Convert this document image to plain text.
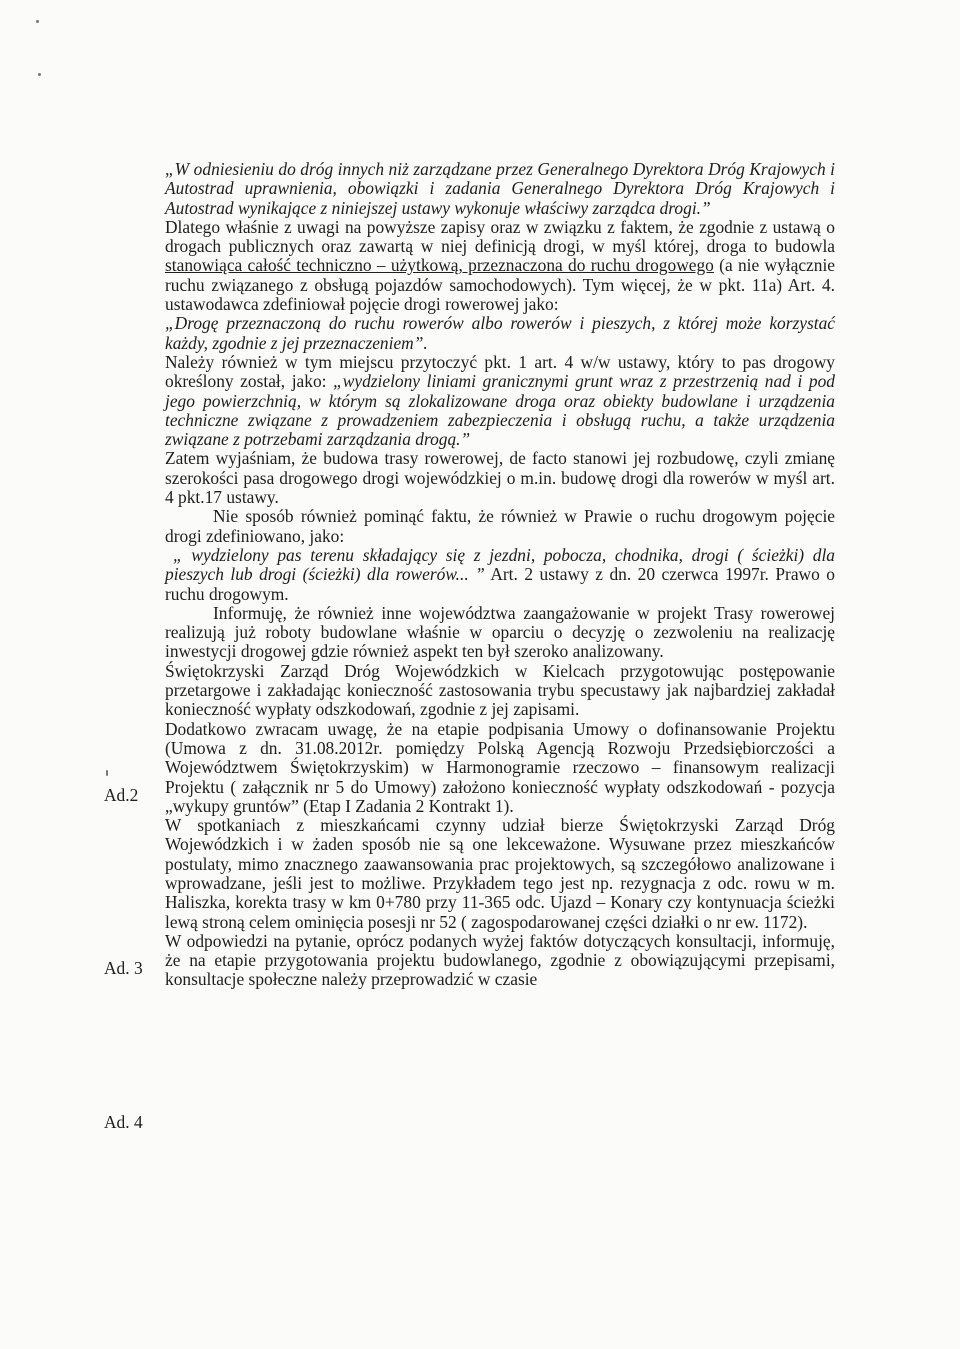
„W odniesieniu do dróg innych niż zarządzane przez Generalnego Dyrektora Dróg Krajowych i Autostrad uprawnienia, obowiązki i zadania Generalnego Dyrektora Dróg Krajowych i Autostrad wynikające z niniejszej ustawy wykonuje właściwy zarządca drogi.”

Dlatego właśnie z uwagi na powyższe zapisy oraz w związku z faktem, że zgodnie z ustawą o drogach publicznych oraz zawartą w niej definicją drogi, w myśl której, droga to budowla stanowiąca całość techniczno – użytkową, przeznaczona do ruchu drogowego (a nie wyłącznie ruchu związanego z obsługą pojazdów samochodowych). Tym więcej, że w pkt. 11a) Art. 4. ustawodawca zdefiniował pojęcie drogi rowerowej jako:

„Drogę przeznaczoną do ruchu rowerów albo rowerów i pieszych, z której może korzystać każdy, zgodnie z jej przeznaczeniem”.

Należy również w tym miejscu przytoczyć pkt. 1 art. 4 w/w ustawy, który to pas drogowy określony został, jako: „wydzielony liniami granicznymi grunt wraz z przestrzenią nad i pod jego powierzchnią, w którym są zlokalizowane droga oraz obiekty budowlane i urządzenia techniczne związane z prowadzeniem zabezpieczenia i obsługą ruchu, a także urządzenia związane z potrzebami zarządzania drogą.”

Zatem wyjaśniam, że budowa trasy rowerowej, de facto stanowi jej rozbudowę, czyli zmianę szerokości pasa drogowego drogi wojewódzkiej o m.in. budowę drogi dla rowerów w myśl art. 4 pkt.17 ustawy.

Nie sposób również pominąć faktu, że również w Prawie o ruchu drogowym pojęcie drogi zdefiniowano, jako:

„ wydzielony pas terenu składający się z jezdni, pobocza, chodnika, drogi ( ścieżki) dla pieszych lub drogi (ścieżki) dla rowerów... ” Art. 2 ustawy z dn. 20 czerwca 1997r. Prawo o ruchu drogowym.

Informuję, że również inne województwa zaangażowanie w projekt Trasy rowerowej realizują już roboty budowlane właśnie w oparciu o decyzję o zezwoleniu na realizację inwestycji drogowej gdzie również aspekt ten był szeroko analizowany.

Świętokrzyski Zarząd Dróg Wojewódzkich w Kielcach przygotowując postępowanie przetargowe i zakładając konieczność zastosowania trybu specustawy jak najbardziej zakładał konieczność wypłaty odszkodowań, zgodnie z jej zapisami.

Dodatkowo zwracam uwagę, że na etapie podpisania Umowy o dofinansowanie Projektu (Umowa z dn. 31.08.2012r. pomiędzy Polską Agencją Rozwoju Przedsiębiorczości a Województwem Świętokrzyskim) w Harmonogramie rzeczowo – finansowym realizacji Projektu ( załącznik nr 5 do Umowy) założono konieczność wypłaty odszkodowań - pozycja „wykupy gruntów” (Etap I Zadania 2 Kontrakt 1).

W spotkaniach z mieszkańcami czynny udział bierze Świętokrzyski Zarząd Dróg Wojewódzkich i w żaden sposób nie są one lekceważone. Wysuwane przez mieszkańców postulaty, mimo znacznego zaawansowania prac projektowych, są szczegółowo analizowane i wprowadzane, jeśli jest to możliwe. Przykładem tego jest np. rezygnacja z odc. rowu w m. Haliszka, korekta trasy w km 0+780 przy 11-365 odc. Ujazd – Konary czy kontynuacja ścieżki lewą stroną celem ominięcia posesji nr 52 ( zagospodarowanej części działki o nr ew. 1172).

W odpowiedzi na pytanie, oprócz podanych wyżej faktów dotyczących konsultacji, informuję, że na etapie przygotowania projektu budowlanego, zgodnie z obowiązującymi przepisami, konsultacje społeczne należy przeprowadzić w czasie

Ad.2
Ad. 3
Ad. 4
